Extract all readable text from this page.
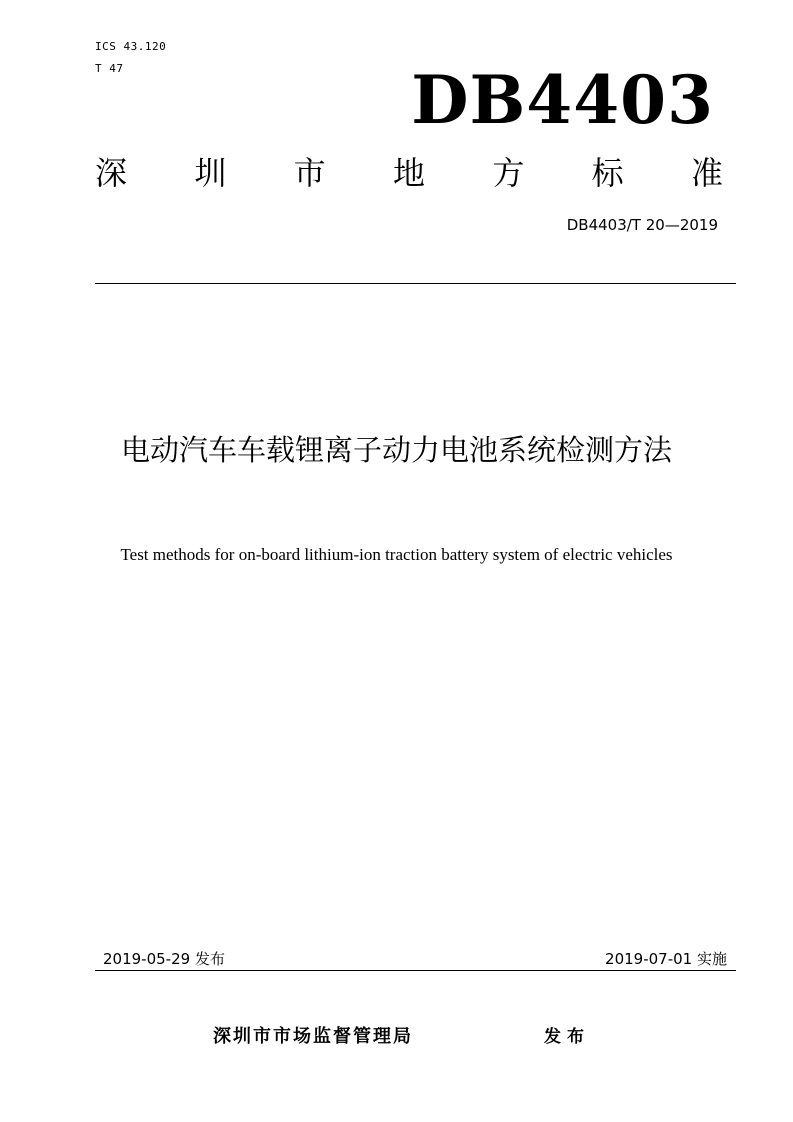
ICS 43.120
T 47	DB4403
深 圳 市 地 方 标 准
DB4403/T 20—2019
电动汽车车载锂离子动力电池系统检测方法
Test methods for on-board lithium-ion traction battery system of electric vehicles
2019-05-29 发布	2019-07-01 实施
深圳市市场监督管理局	发布
